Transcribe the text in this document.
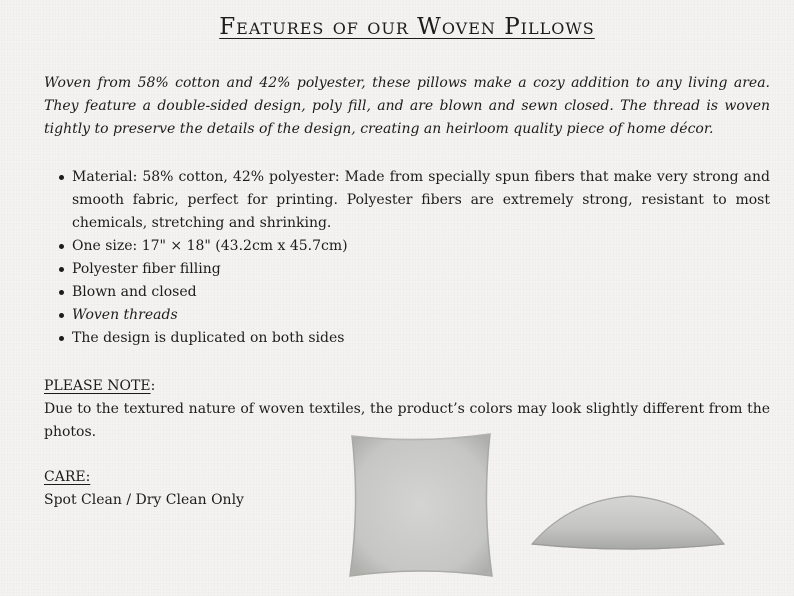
Features of our Woven Pillows

Woven from 58% cotton and 42% polyester, these pillows make a cozy addition to any living area. They feature a double-sided design, poly fill, and are blown and sewn closed. The thread is woven tightly to preserve the details of the design, creating an heirloom quality piece of home décor.

Material: 58% cotton, 42% polyester: Made from specially spun fibers that make very strong and smooth fabric, perfect for printing. Polyester fibers are extremely strong, resistant to most chemicals, stretching and shrinking.
One size: 17" × 18" (43.2cm x 45.7cm)
Polyester fiber filling
Blown and closed
Woven threads
The design is duplicated on both sides

PLEASE NOTE:

Due to the textured nature of woven textiles, the product’s colors may look slightly different from the photos.

CARE:

Spot Clean / Dry Clean Only
